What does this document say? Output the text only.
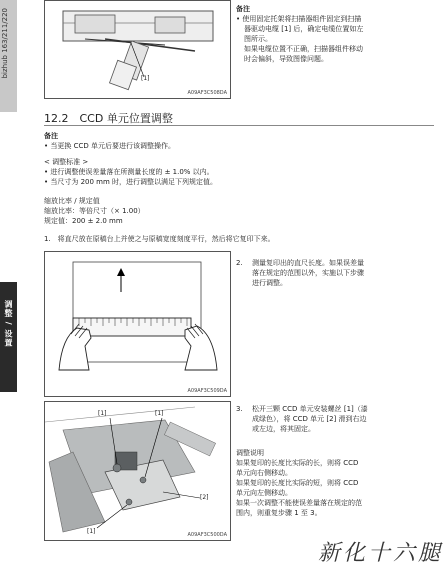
bizhub 163/211/220
调整 / 设置
[1]
A09AF3C508DA
备注
• 使用固定托架将扫描器组件固定到扫描
器驱动电缆 [1] 后，确定电缆位置如左
图所示。
如果电缆位置不正确，扫描器组件移动
时会偏斜，导致图像问题。
12.2　CCD 单元位置调整
备注
• 当更换 CCD 单元后要进行该调整操作。
< 调整标准 >
• 进行调整使误差量落在所测量长度的 ± 1.0% 以内。
• 当尺寸为 200 mm 时，进行调整以满足下列规定值。
缩放比率 / 规定值
缩放比率：等倍尺寸（× 1.00）
规定值：200 ± 2.0 mm
1.　将直尺放在原稿台上并使之与原稿宽度刻度平行，然后将它复印下来。
A09AF3C509DA
2. 测量复印出的直尺长度。如果误差量
落在规定的范围以外，实施以下步骤
进行调整。
[1]	[1]
[2]
[1]	A09AF3C500DA
3. 松开三颗 CCD 单元安装螺丝 [1]（漆
成绿色），将 CCD 单元 [2] 滑到右边
或左边，将其固定。
调整说明
如果复印的长度比实际的长，则将 CCD
单元向右侧移动。
如果复印的长度比实际的短，则将 CCD
单元向左侧移动。
如果一次调整不能使误差量落在规定的范
围内，则重复步骤 1 至 3。
新化十六腿
